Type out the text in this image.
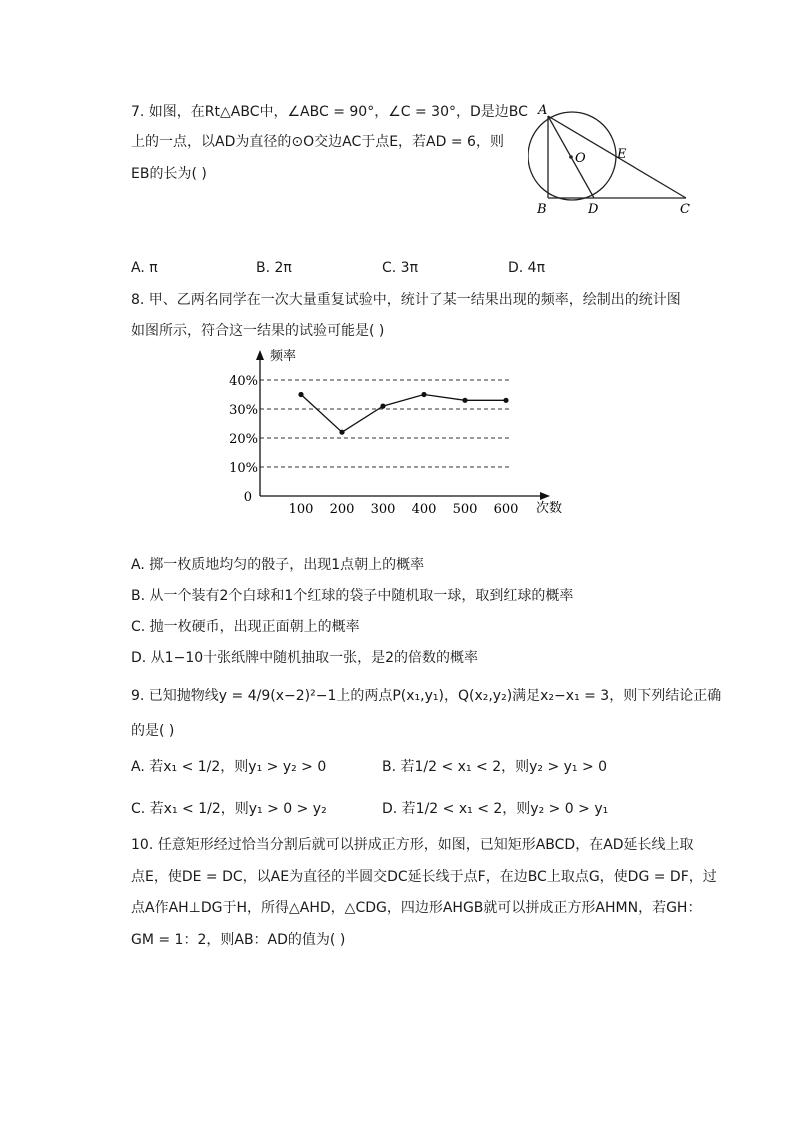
7. 如图，在Rt△ABC中，∠ABC = 90°，∠C = 30°，D是边BC
上的一点，以AD为直径的⊙O交边AC于点E，若AD = 6，则
EB的长为( )
A
O E
B	D	C
A. π	B. 2π	C. 3π	D. 4π
8. 甲、乙两名同学在一次大量重复试验中，统计了某一结果出现的频率，绘制出的统计图
如图所示，符合这一结果的试验可能是( )
100 200 300 400 500 600
0
10%
20%
30%
40%
频率
次数
A. 掷一枚质地均匀的骰子，出现1点朝上的概率
B. 从一个装有2个白球和1个红球的袋子中随机取一球，取到红球的概率
C. 抛一枚硬币，出现正面朝上的概率
D. 从1−10十张纸牌中随机抽取一张，是2的倍数的概率
9. 已知抛物线y = 4/9(x−2)²−1上的两点P(x₁,y₁)，Q(x₂,y₂)满足x₂−x₁ = 3，则下列结论正确
的是( )
A. 若x₁ < 1/2，则y₁ > y₂ > 0	B. 若1/2 < x₁ < 2，则y₂ > y₁ > 0
C. 若x₁ < 1/2，则y₁ > 0 > y₂	D. 若1/2 < x₁ < 2，则y₂ > 0 > y₁
10. 任意矩形经过恰当分割后就可以拼成正方形，如图，已知矩形ABCD，在AD延长线上取
点E，使DE = DC，以AE为直径的半圆交DC延长线于点F，在边BC上取点G，使DG = DF，过
点A作AH⊥DG于H，所得△AHD，△CDG，四边形AHGB就可以拼成正方形AHMN，若GH：
GM = 1：2，则AB：AD的值为( )
